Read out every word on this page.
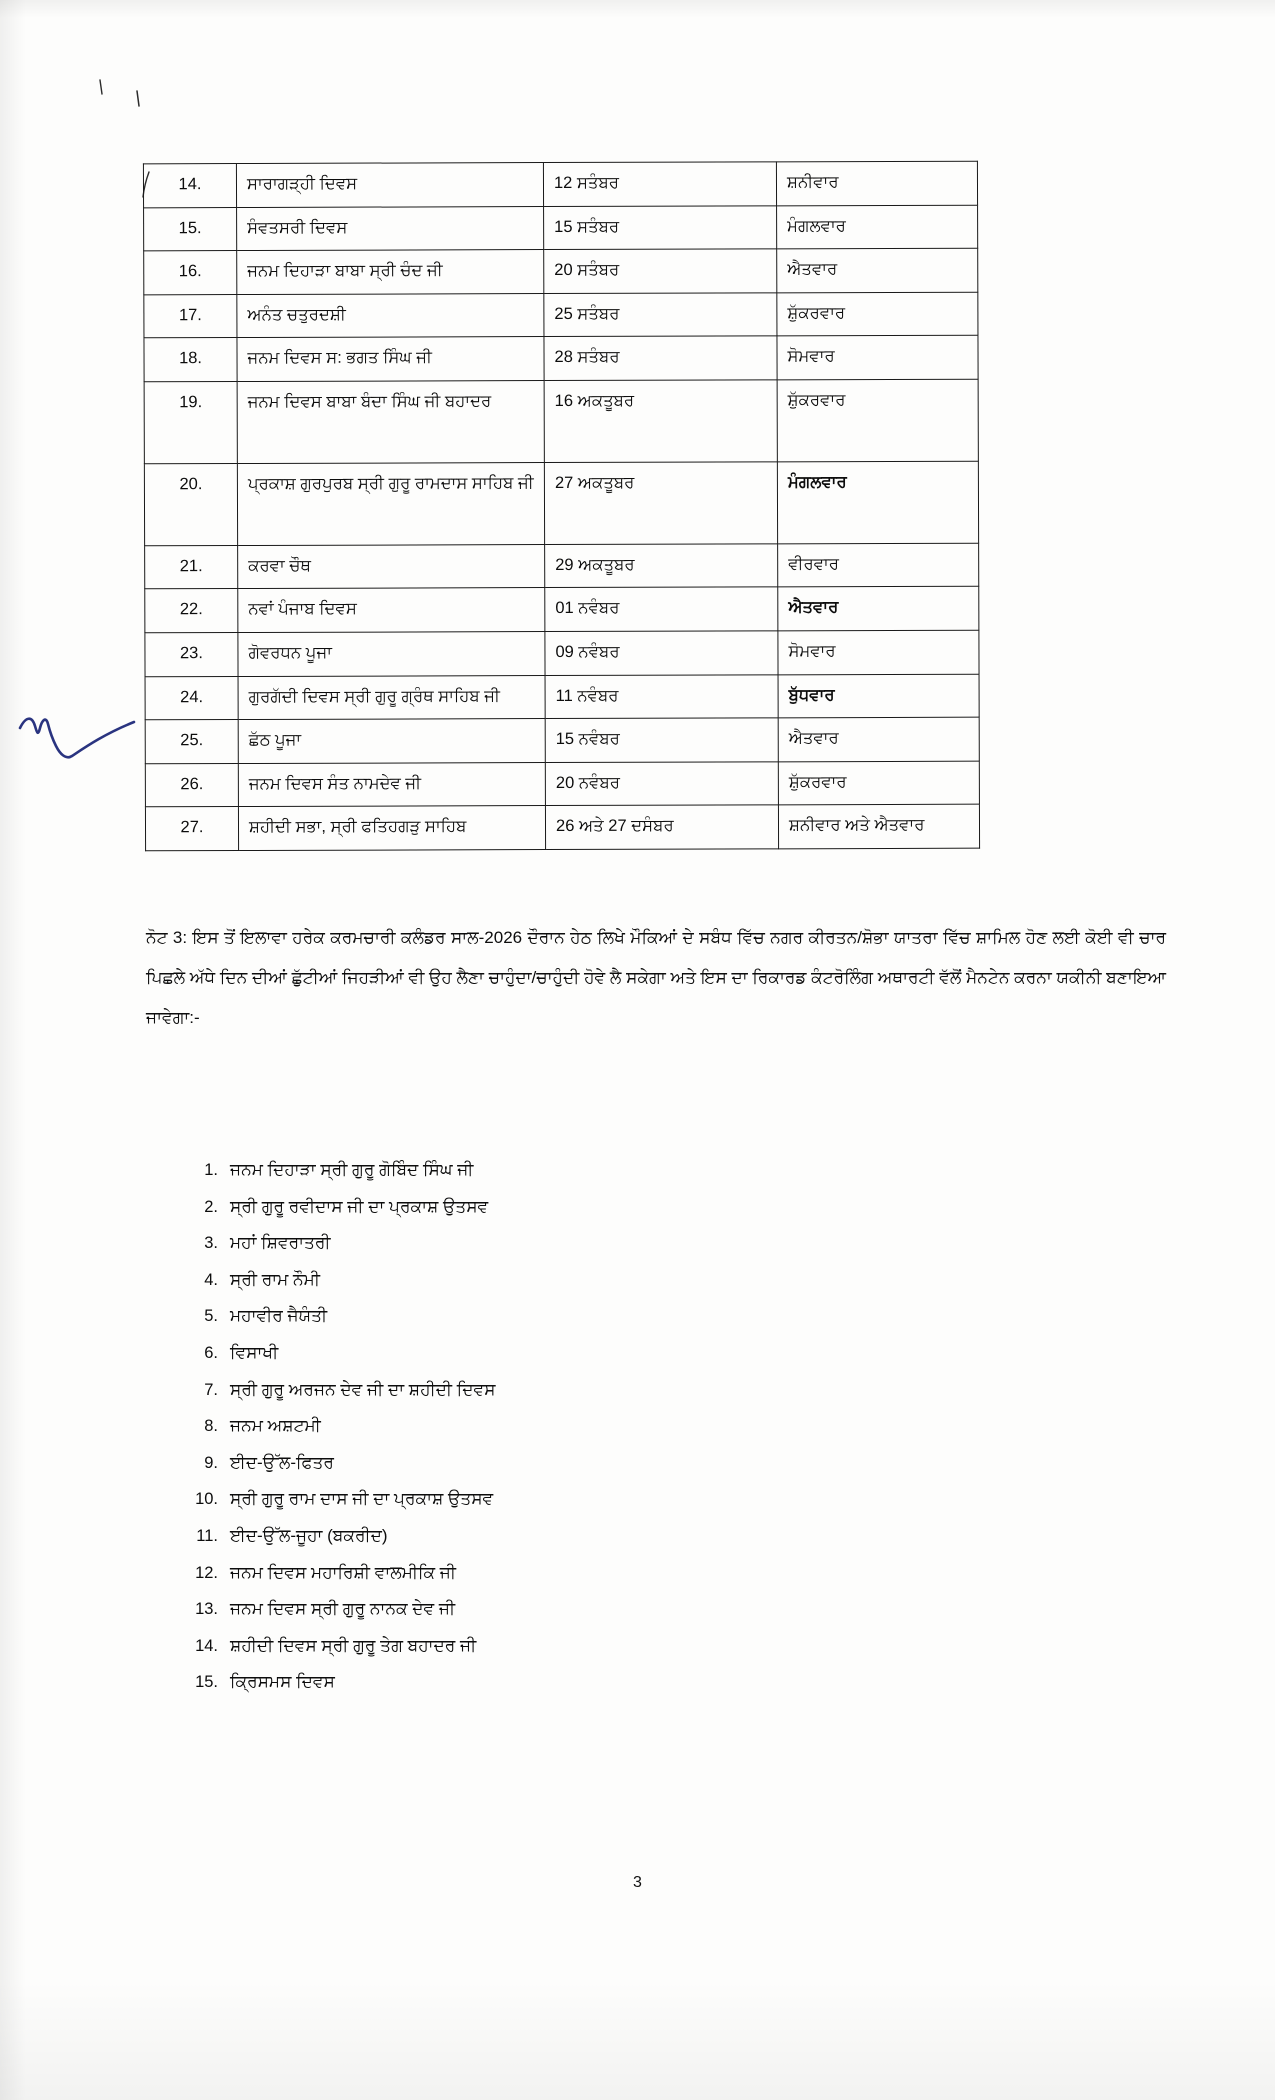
14.	ਸਾਰਾਗੜ੍ਹੀ ਦਿਵਸ	12 ਸਤੰਬਰ	ਸ਼ਨੀਵਾਰ
15.	ਸੰਵਤਸਰੀ ਦਿਵਸ	15 ਸਤੰਬਰ	ਮੰਗਲਵਾਰ
16.	ਜਨਮ ਦਿਹਾੜਾ ਬਾਬਾ ਸ੍ਰੀ ਚੰਦ ਜੀ	20 ਸਤੰਬਰ	ਐਤਵਾਰ
17.	ਅਨੰਤ ਚਤੁਰਦਸ਼ੀ	25 ਸਤੰਬਰ	ਸ਼ੁੱਕਰਵਾਰ
18.	ਜਨਮ ਦਿਵਸ ਸ: ਭਗਤ ਸਿੰਘ ਜੀ	28 ਸਤੰਬਰ	ਸੋਮਵਾਰ
19.	ਜਨਮ ਦਿਵਸ ਬਾਬਾ ਬੰਦਾ ਸਿੰਘ ਜੀ ਬਹਾਦਰ	16 ਅਕਤੂਬਰ	ਸ਼ੁੱਕਰਵਾਰ
20.	ਪ੍ਰਕਾਸ਼ ਗੁਰਪੁਰਬ ਸ੍ਰੀ ਗੁਰੂ ਰਾਮਦਾਸ ਸਾਹਿਬ ਜੀ	27 ਅਕਤੂਬਰ	ਮੰਗਲਵਾਰ
21.	ਕਰਵਾ ਚੌਥ	29 ਅਕਤੂਬਰ	ਵੀਰਵਾਰ
22.	ਨਵਾਂ ਪੰਜਾਬ ਦਿਵਸ	01 ਨਵੰਬਰ	ਐਤਵਾਰ
23.	ਗੋਵਰਧਨ ਪੂਜਾ	09 ਨਵੰਬਰ	ਸੋਮਵਾਰ
24.	ਗੁਰਗੱਦੀ ਦਿਵਸ ਸ੍ਰੀ ਗੁਰੂ ਗ੍ਰੰਥ ਸਾਹਿਬ ਜੀ	11 ਨਵੰਬਰ	ਬੁੱਧਵਾਰ
25.	ਛੱਠ ਪੂਜਾ	15 ਨਵੰਬਰ	ਐਤਵਾਰ
26.	ਜਨਮ ਦਿਵਸ ਸੰਤ ਨਾਮਦੇਵ ਜੀ	20 ਨਵੰਬਰ	ਸ਼ੁੱਕਰਵਾਰ
27.	ਸ਼ਹੀਦੀ ਸਭਾ, ਸ੍ਰੀ ਫਤਿਹਗੜੁ ਸਾਹਿਬ	26 ਅਤੇ 27 ਦਸੰਬਰ	ਸ਼ਨੀਵਾਰ ਅਤੇ ਐਤਵਾਰ
ਨੋਟ 3: ਇਸ ਤੋਂ ਇਲਾਵਾ ਹਰੇਕ ਕਰਮਚਾਰੀ ਕਲੰਡਰ ਸਾਲ-2026 ਦੌਰਾਨ ਹੇਠ ਲਿਖੇ ਮੌਕਿਆਂ ਦੇ ਸਬੰਧ ਵਿੱਚ ਨਗਰ ਕੀਰਤਨ/ਸ਼ੋਭਾ ਯਾਤਰਾ ਵਿੱਚ ਸ਼ਾਮਿਲ ਹੋਣ ਲਈ ਕੋਈ ਵੀ ਚਾਰ ਪਿਛਲੇ ਅੱਧੇ ਦਿਨ ਦੀਆਂ ਛੁੱਟੀਆਂ ਜਿਹੜੀਆਂ ਵੀ ਉਹ ਲੈਣਾ ਚਾਹੁੰਦਾ/ਚਾਹੁੰਦੀ ਹੋਵੇ ਲੈ ਸਕੇਗਾ ਅਤੇ ਇਸ ਦਾ ਰਿਕਾਰਡ ਕੰਟਰੋਲਿੰਗ ਅਥਾਰਟੀ ਵੱਲੋਂ ਮੈਨਟੇਨ ਕਰਨਾ ਯਕੀਨੀ ਬਣਾਇਆ ਜਾਵੇਗਾ:-
1. ਜਨਮ ਦਿਹਾੜਾ ਸ੍ਰੀ ਗੁਰੂ ਗੋਬਿੰਦ ਸਿੰਘ ਜੀ
2. ਸ੍ਰੀ ਗੁਰੂ ਰਵੀਦਾਸ ਜੀ ਦਾ ਪ੍ਰਕਾਸ਼ ਉਤਸਵ
3. ਮਹਾਂ ਸ਼ਿਵਰਾਤਰੀ
4. ਸ੍ਰੀ ਰਾਮ ਨੌਮੀ
5. ਮਹਾਵੀਰ ਜੈਯੰਤੀ
6. ਵਿਸਾਖੀ
7. ਸ੍ਰੀ ਗੁਰੂ ਅਰਜਨ ਦੇਵ ਜੀ ਦਾ ਸ਼ਹੀਦੀ ਦਿਵਸ
8. ਜਨਮ ਅਸ਼ਟਮੀ
9. ਈਦ-ਉੱਲ-ਫਿਤਰ
10. ਸ੍ਰੀ ਗੁਰੂ ਰਾਮ ਦਾਸ ਜੀ ਦਾ ਪ੍ਰਕਾਸ਼ ਉਤਸਵ
11. ਈਦ-ਉੱਲ-ਜੂਹਾ (ਬਕਰੀਦ)
12. ਜਨਮ ਦਿਵਸ ਮਹਾਰਿਸ਼ੀ ਵਾਲਮੀਕਿ ਜੀ
13. ਜਨਮ ਦਿਵਸ ਸ੍ਰੀ ਗੁਰੂ ਨਾਨਕ ਦੇਵ ਜੀ
14. ਸ਼ਹੀਦੀ ਦਿਵਸ ਸ੍ਰੀ ਗੁਰੂ ਤੇਗ ਬਹਾਦਰ ਜੀ
15. ਕ੍ਰਿਸਮਸ ਦਿਵਸ
3
